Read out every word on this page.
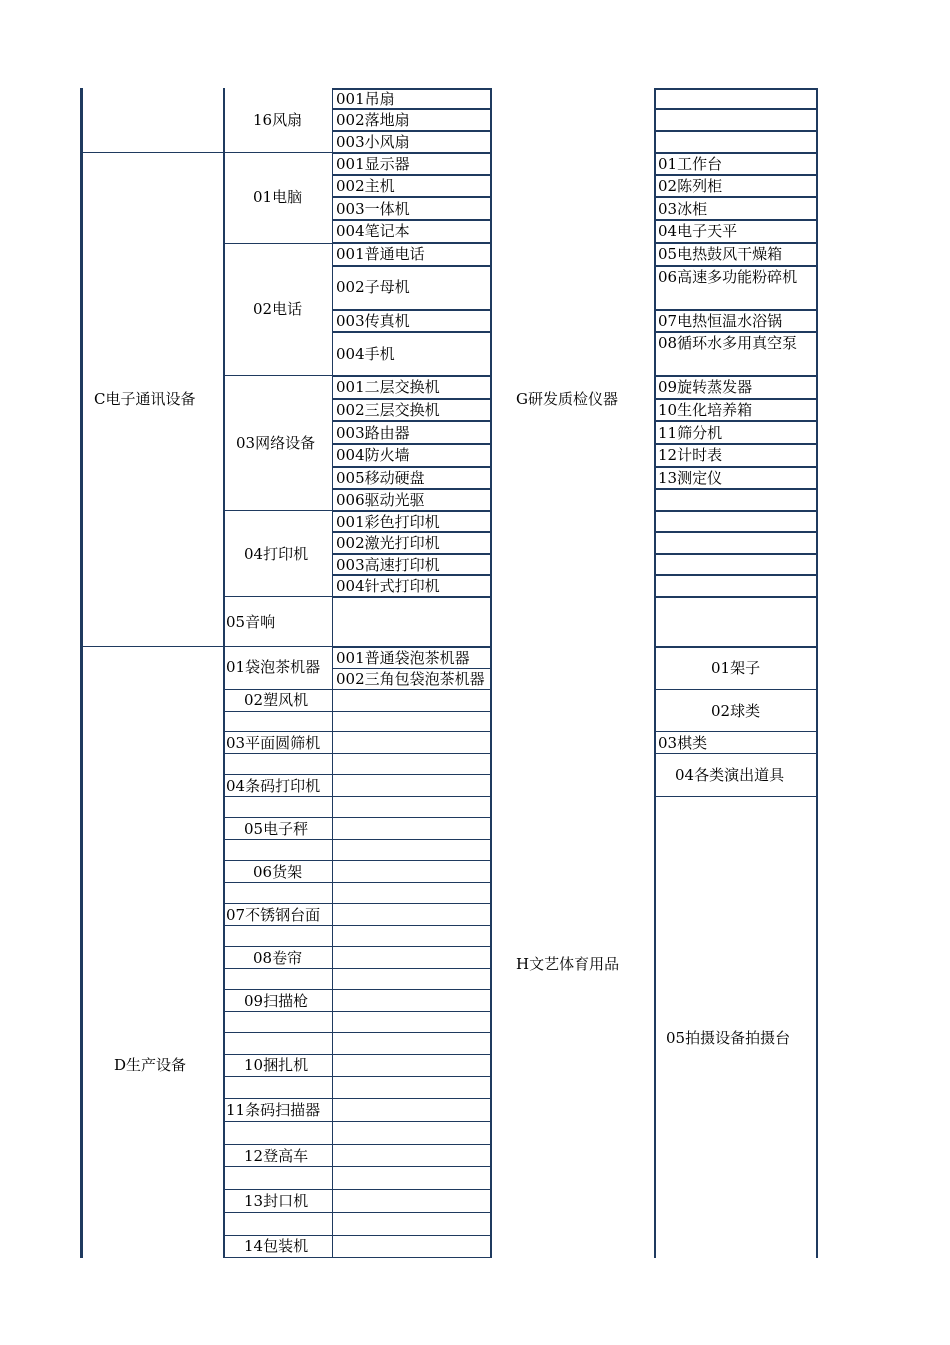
C电子通讯设备
D生产设备
16风扇
01电脑
02电话
03网络设备
04打印机
05音响
01袋泡茶机器
02塑风机
03平面圆筛机
04条码打印机
05电子秤
06货架
07不锈钢台面
08卷帘
09扫描枪
10捆扎机
11条码扫描器
12登高车
13封口机
14包装机
001吊扇
002落地扇
003小风扇
001显示器
002主机
003一体机
004笔记本
001普通电话
002子母机
003传真机
004手机
001二层交换机
002三层交换机
003路由器
004防火墙
005移动硬盘
006驱动光驱
001彩色打印机
002激光打印机
003高速打印机
004针式打印机
001普通袋泡茶机器
002三角包袋泡茶机器
G研发质检仪器
H文艺体育用品
01工作台
02陈列柜
03冰柜
04电子天平
05电热鼓风干燥箱
06高速多功能粉碎机
07电热恒温水浴锅
08循环水多用真空泵
09旋转蒸发器
10生化培养箱
11筛分机
12计时表
13测定仪
01架子
02球类
03棋类
04各类演出道具
05拍摄设备拍摄台
